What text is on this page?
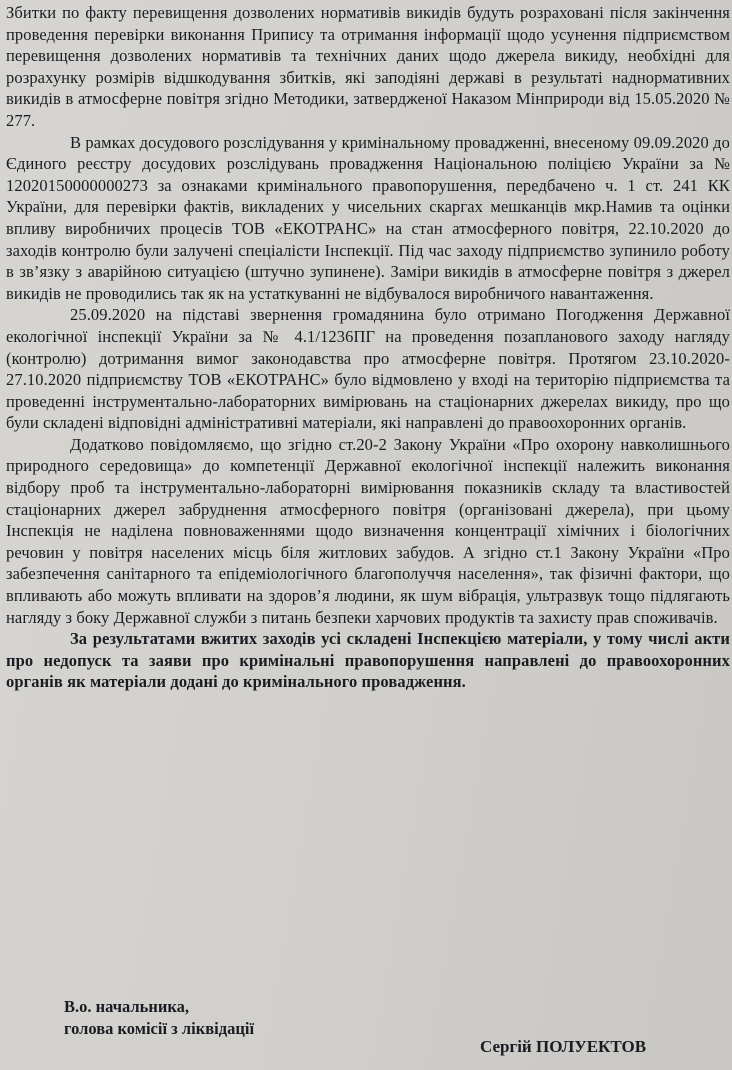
Збитки по факту перевищення дозволених нормативів викидів будуть розраховані після закінчення проведення перевірки виконання Припису та отримання інформації щодо усунення підприємством перевищення дозволених нормативів та технічних даних щодо джерела викиду, необхідні для розрахунку розмірів відшкодування збитків, які заподіяні державі в результаті наднормативних викидів в атмосферне повітря згідно Методики, затвердженої Наказом Мінприроди від 15.05.2020 № 277.

В рамках досудового розслідування у кримінальному провадженні, внесеному 09.09.2020 до Єдиного реєстру досудових розслідувань провадження Національною поліцією України за № 12020150000000273 за ознаками кримінального правопорушення, передбачено ч. 1 ст. 241 КК України, для перевірки фактів, викладених у чисельних скаргах мешканців мкр.Намив та оцінки впливу виробничих процесів ТОВ «ЕКОТРАНС» на стан атмосферного повітря, 22.10.2020 до заходів контролю були залучені спеціалісти Інспекції. Під час заходу підприємство зупинило роботу в зв’язку з аварійною ситуацією (штучно зупинене). Заміри викидів в атмосферне повітря з джерел викидів не проводились так як на устаткуванні не відбувалося виробничого навантаження.

25.09.2020 на підставі звернення громадянина було отримано Погодження Державної екологічної інспекції України за № 4.1/1236ПГ на проведення позапланового заходу нагляду (контролю) дотримання вимог законодавства про атмосферне повітря. Протягом 23.10.2020-27.10.2020 підприємству ТОВ «ЕКОТРАНС» було відмовлено у вході на територію підприємства та проведенні інструментально-лабораторних вимірювань на стаціонарних джерелах викиду, про що були складені відповідні адміністративні матеріали, які направлені до правоохоронних органів.

Додатково повідомляємо, що згідно ст.20-2 Закону України «Про охорону навколишнього природного середовища» до компетенції Державної екологічної інспекції належить виконання відбору проб та інструментально-лабораторні вимірювання показників складу та властивостей стаціонарних джерел забруднення атмосферного повітря (організовані джерела), при цьому Інспекція не наділена повноваженнями щодо визначення концентрації хімічних і біологічних речовин у повітря населених місць біля житлових забудов. А згідно ст.1 Закону України «Про забезпечення санітарного та епідеміологічного благополуччя населення», так фізичні фактори, що впливають або можуть впливати на здоров’я людини, як шум вібрація, ультразвук тощо підлягають нагляду з боку Державної служби з питань безпеки харчових продуктів та захисту прав споживачів.

За результатами вжитих заходів усі складені Інспекцією матеріали, у тому числі акти про недопуск та заяви про кримінальні правопорушення направлені до правоохоронних органів як матеріали додані до кримінального провадження.

В.о. начальника,
голова комісії з ліквідації
Сергій ПОЛУЕКТОВ
